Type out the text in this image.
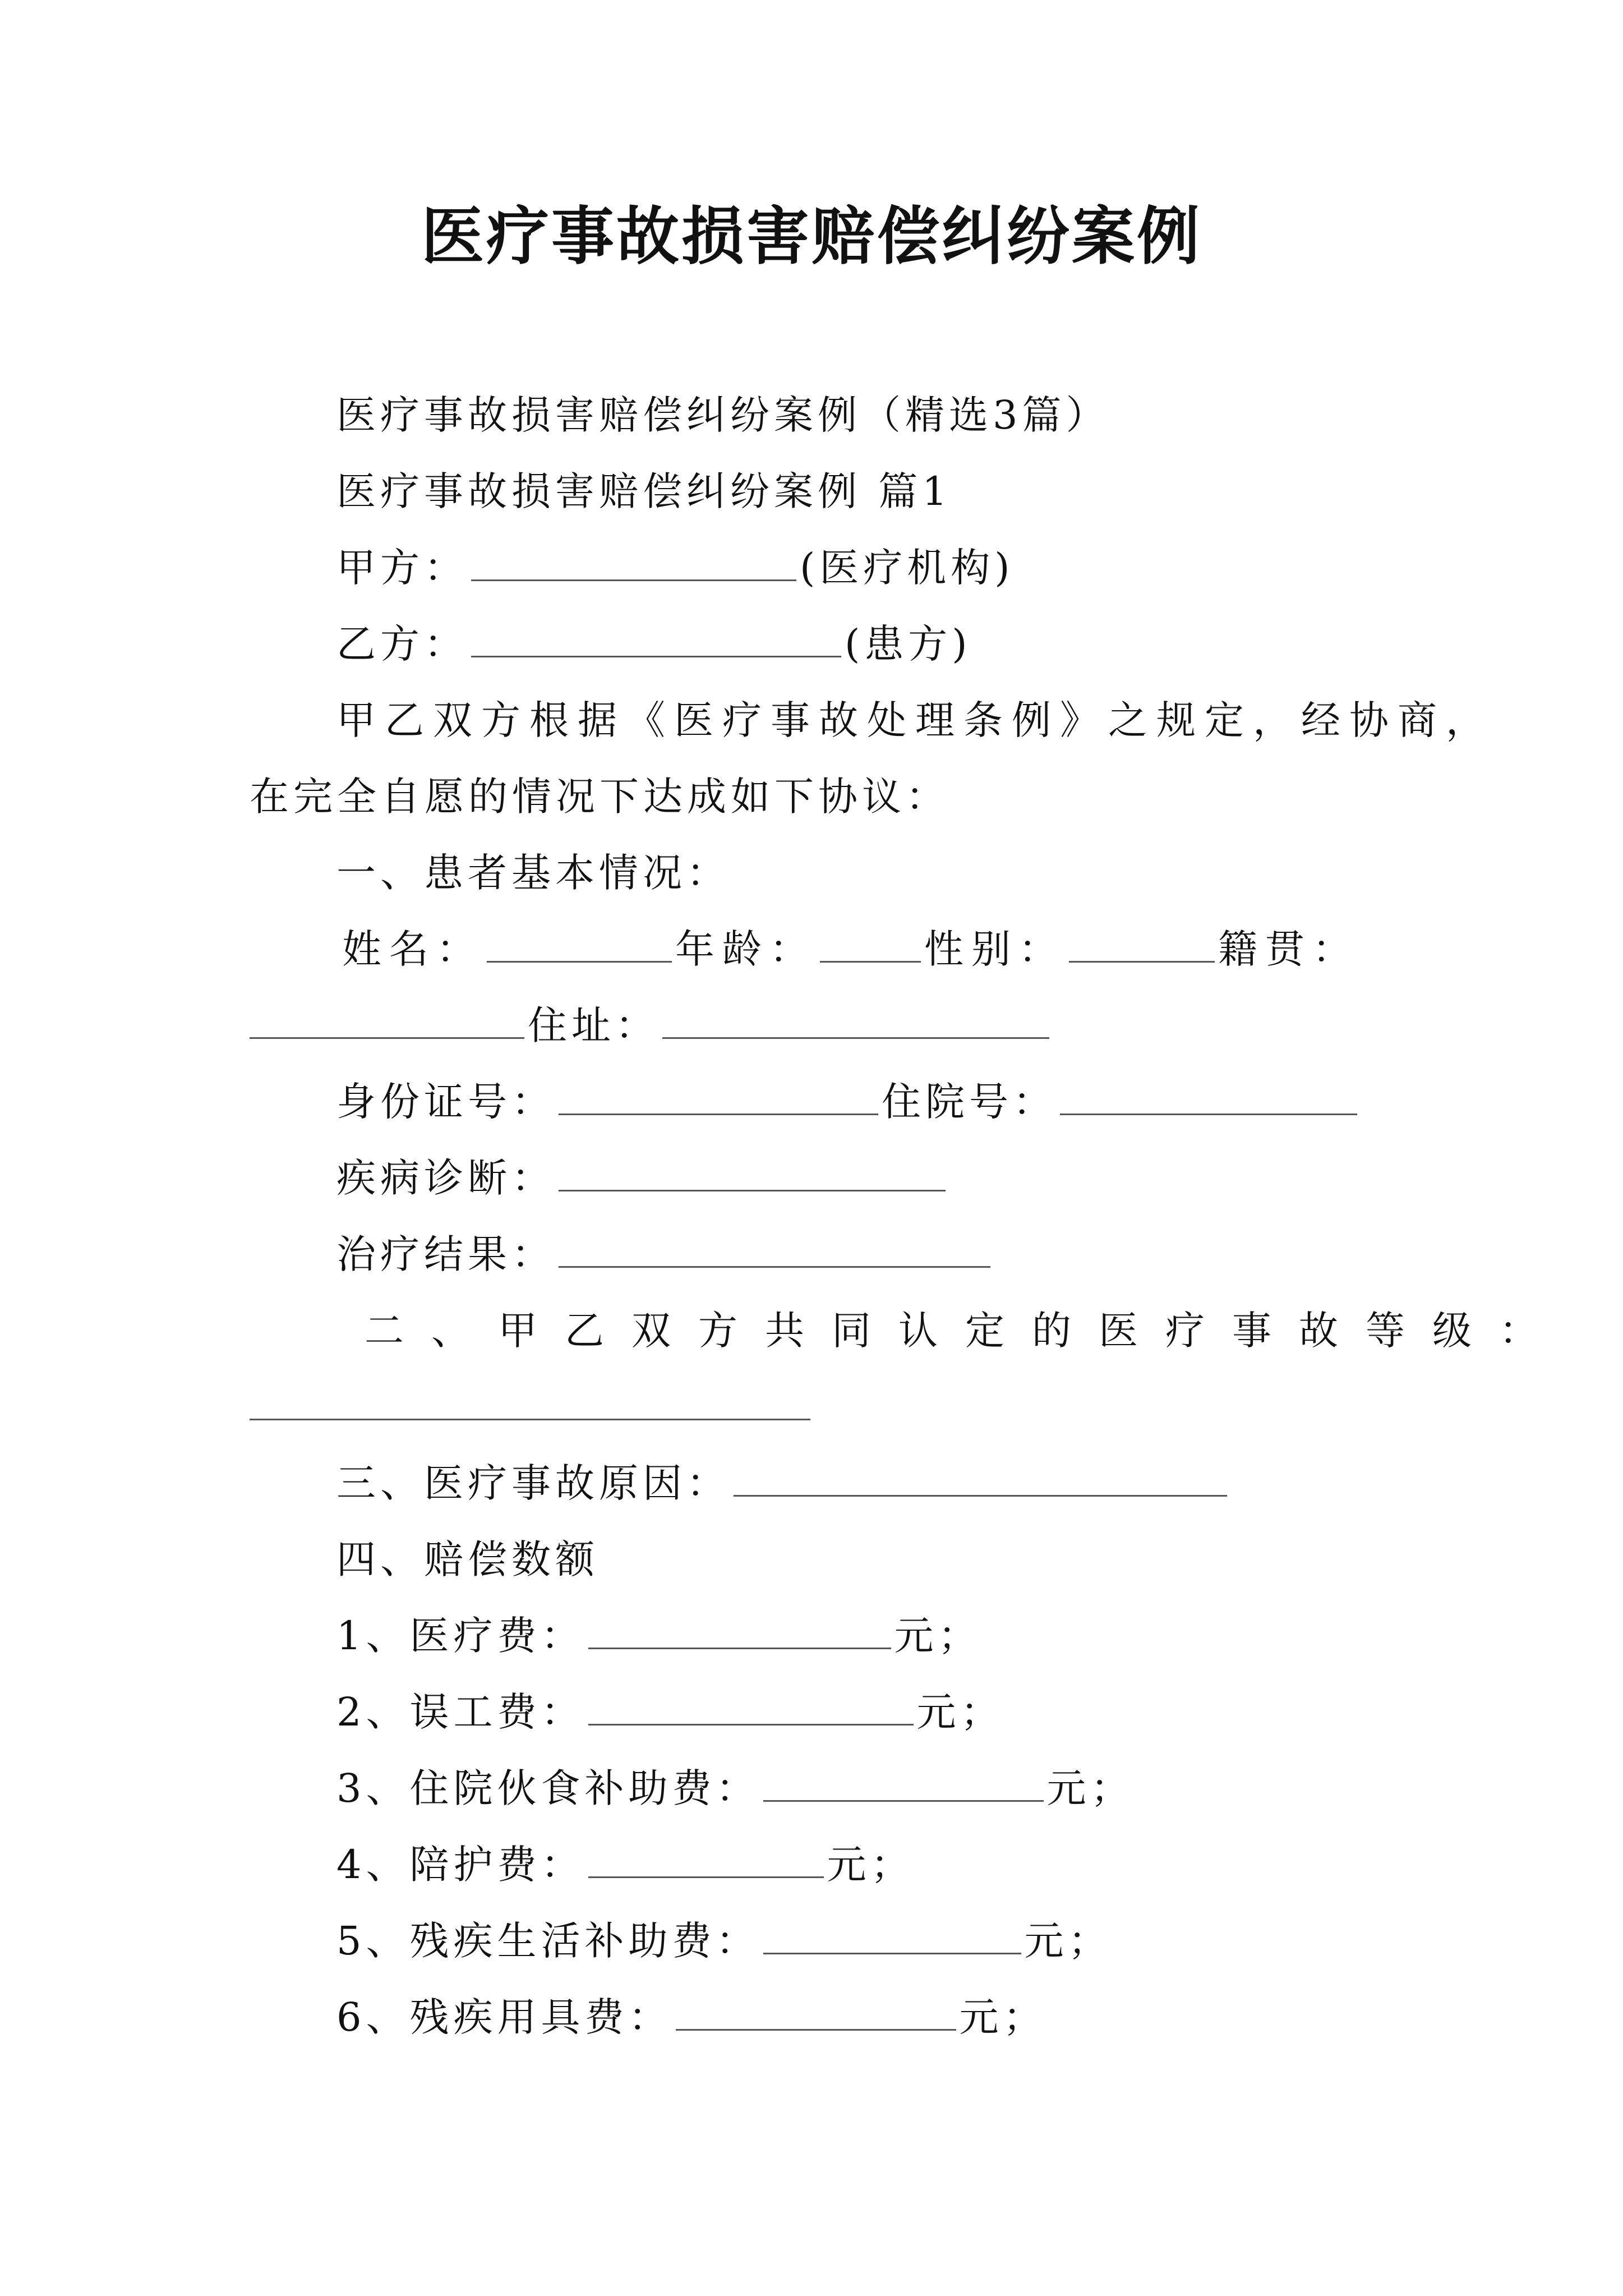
医疗事故损害赔偿纠纷案例
医疗事故损害赔偿纠纷案例（精选3篇）
医疗事故损害赔偿纠纷案例 篇1
甲方：	(医疗机构)
乙方：	(患方)
甲乙双方根据《医疗事故处理条例》之规定，经协商，
在完全自愿的情况下达成如下协议：
一、患者基本情况：
姓名：	年龄：	性别：	籍贯：
住址：
身份证号：	住院号：
疾病诊断：
治疗结果：
二、甲乙双方共同认定的医疗事故等级：
三、医疗事故原因：
四、赔偿数额
1、医疗费：	元；
2、误工费：	元；
3、住院伙食补助费：	元；
4、陪护费：	元；
5、残疾生活补助费：	元；
6、残疾用具费：	元；
